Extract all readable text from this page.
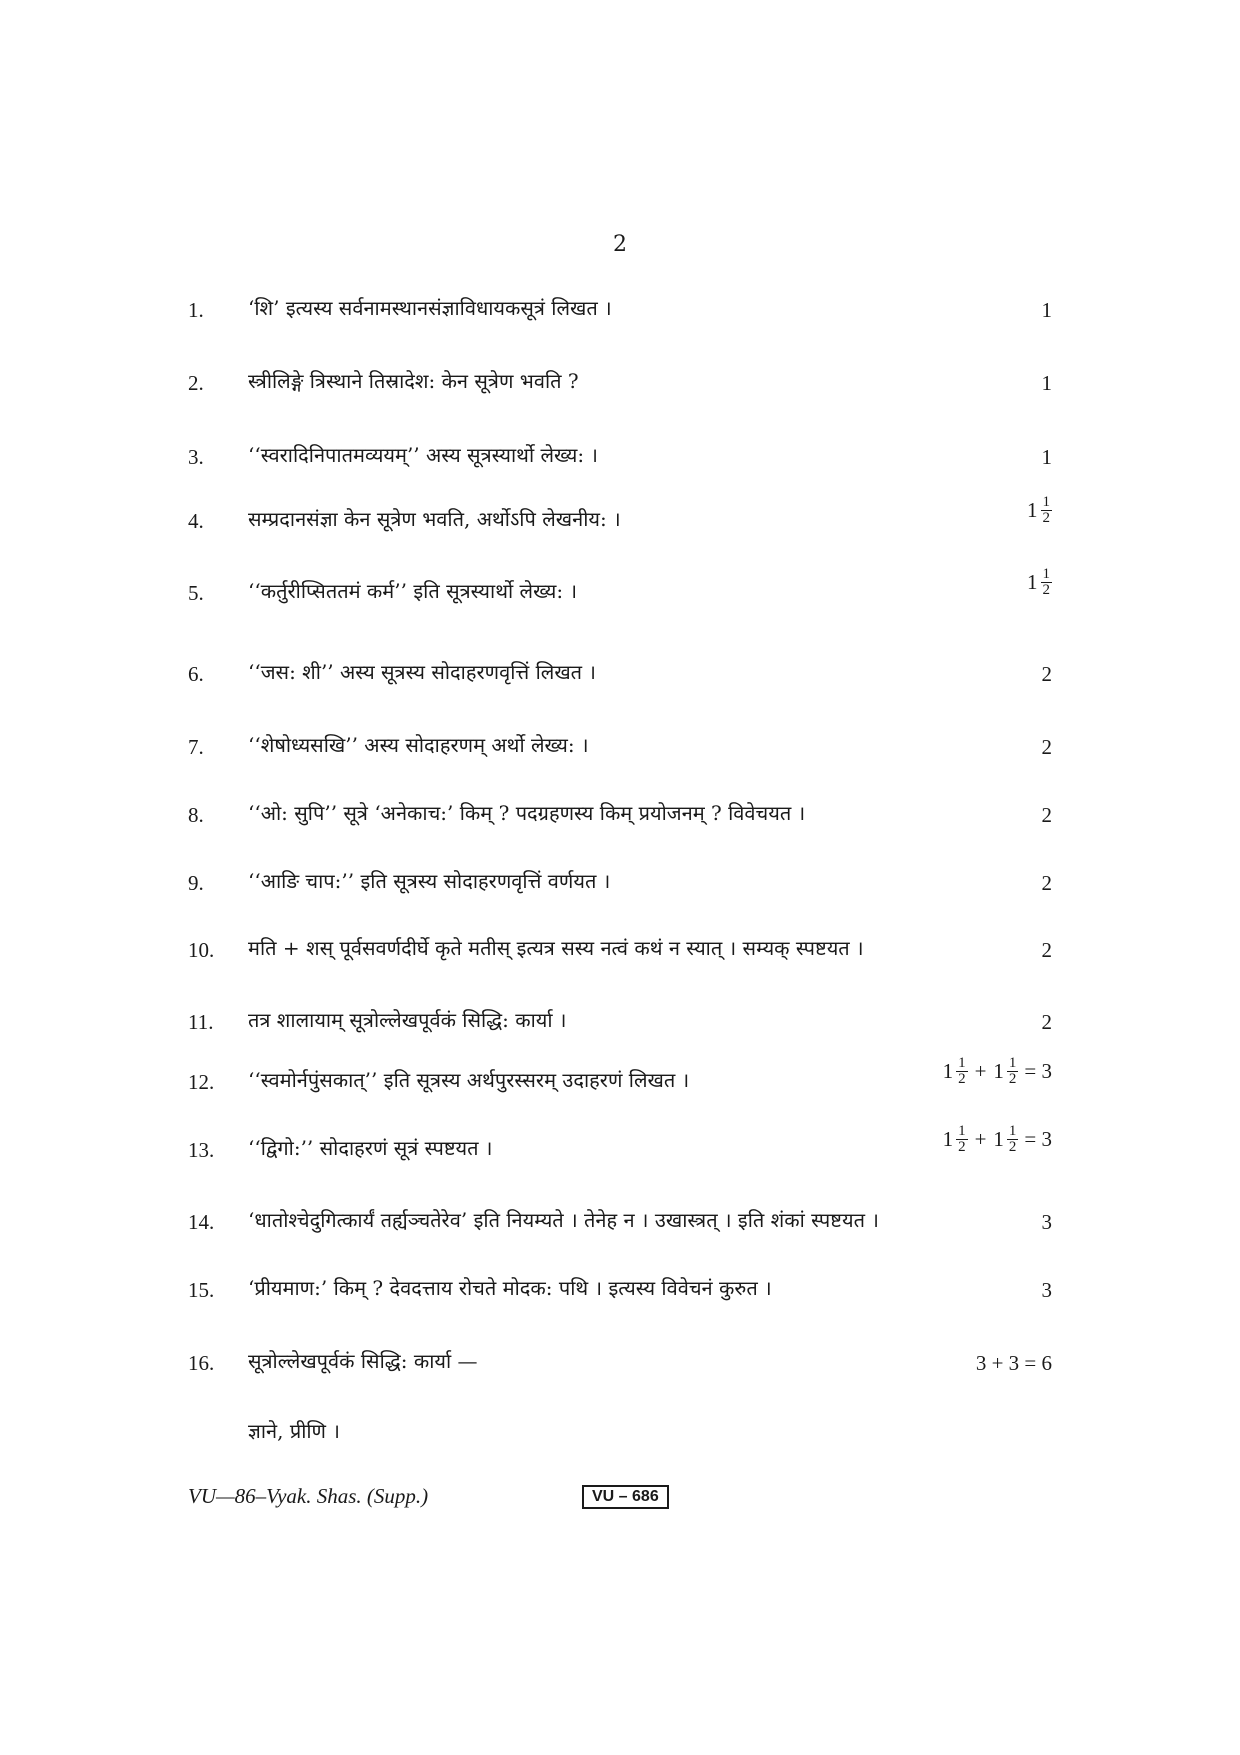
2
1.	‘शि’ इत्यस्य सर्वनामस्थानसंज्ञाविधायकसूत्रं लिखत ।	1
2.	स्त्रीलिङ्गे त्रिस्थाने तिस्रादेश: केन सूत्रेण भवति ?	1
3.	‘‘स्वरादिनिपातमव्ययम्’’ अस्य सूत्रस्यार्थो लेख्य: ।	1
4.	सम्प्रदानसंज्ञा केन सूत्रेण भवति, अर्थोऽपि लेखनीय: ।	$1 \frac{1}{2}$
5.	‘‘कर्तुरीप्सिततमं कर्म’’ इति सूत्रस्यार्थो लेख्य: ।	$1 \frac{1}{2}$
6.	‘‘जस: शी’’ अस्य सूत्रस्य सोदाहरणवृत्तिं लिखत ।	2
7.	‘‘शेषोध्यसखि’’ अस्य सोदाहरणम् अर्थो लेख्य: ।	2
8.	‘‘ओ: सुपि’’ सूत्रे ‘अनेकाच:’ किम् ? पदग्रहणस्य किम् प्रयोजनम् ? विवेचयत ।	2
9.	‘‘आङि चाप:’’ इति सूत्रस्य सोदाहरणवृत्तिं वर्णयत ।	2
10.	मति + शस् पूर्वसवर्णदीर्घे कृते मतीस् इत्यत्र सस्य नत्वं कथं न स्यात् । सम्यक् स्पष्टयत ।	2
11.	तत्र शालायाम् सूत्रोल्लेखपूर्वकं सिद्धि: कार्या ।	2
12.	‘‘स्वमोर्नपुंसकात्’’ इति सूत्रस्य अर्थपुरस्सरम् उदाहरणं लिखत ।	$1 \frac{1}{2} + 1 \frac{1}{2} = 3$
13.	‘‘द्विगो:’’ सोदाहरणं सूत्रं स्पष्टयत ।	$1 \frac{1}{2} + 1 \frac{1}{2} = 3$
14.	‘धातोश्चेदुगित्कार्यं तर्ह्यञ्चतेरेव’ इति नियम्यते । तेनेह न । उखास्त्रत् । इति शंकां स्पष्टयत ।	3
15.	‘प्रीयमाण:’ किम् ? देवदत्ताय रोचते मोदक: पथि । इत्यस्य विवेचनं कुरुत ।	3
16.	सूत्रोल्लेखपूर्वकं सिद्धि: कार्या —	3 + 3 = 6
ज्ञाने, प्रीणि ।
VU—86–Vyak. Shas. (Supp.)	VU – 686
